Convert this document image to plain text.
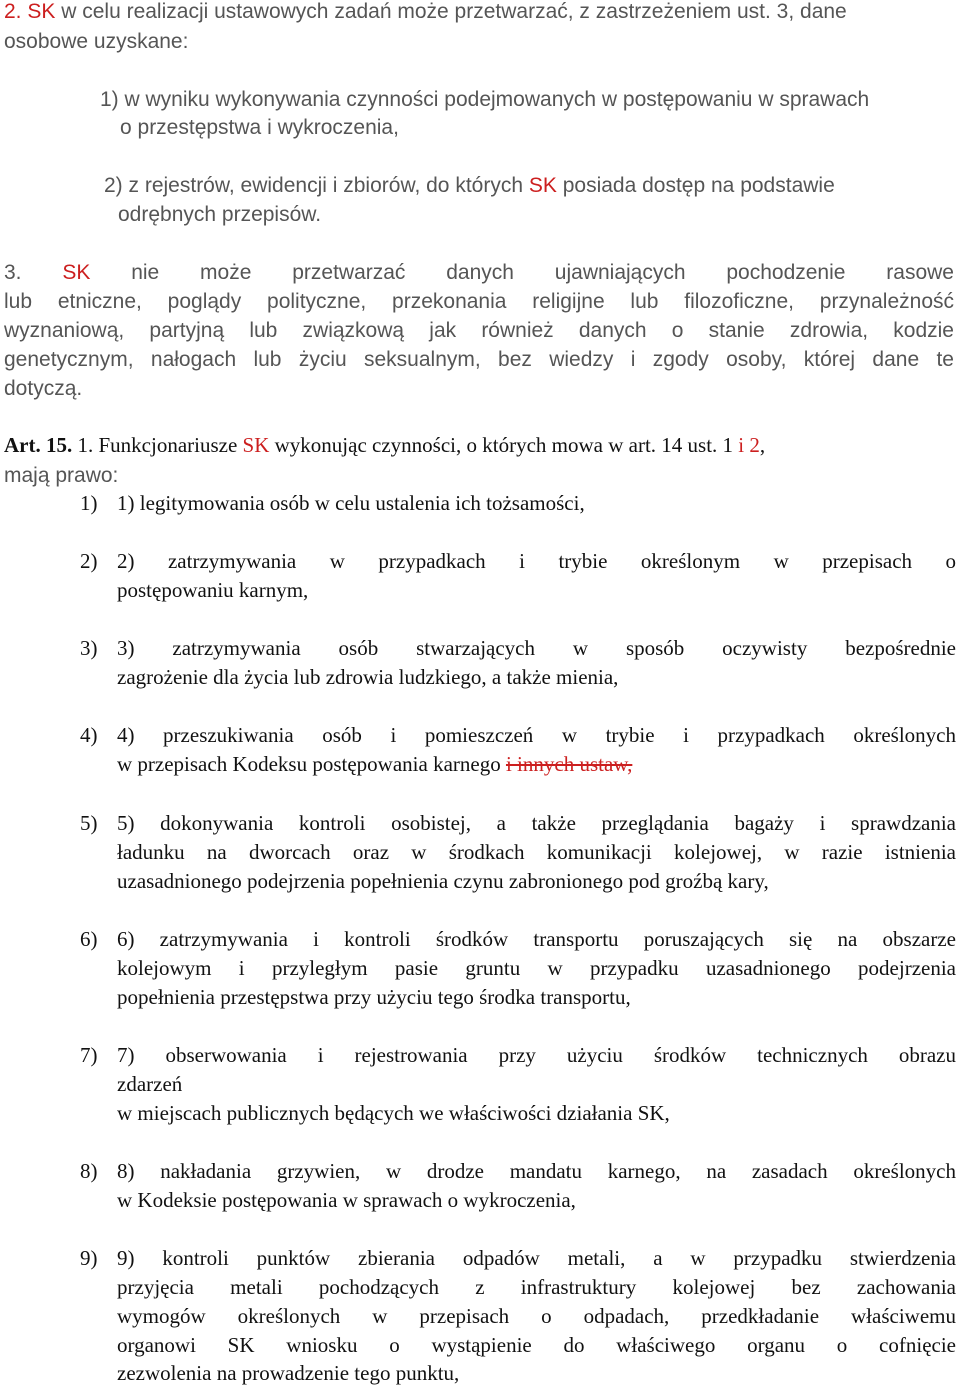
2. SK w celu realizacji ustawowych zadań może przetwarzać, z zastrzeżeniem ust. 3, dane
osobowe uzyskane:
1) w wyniku wykonywania czynności podejmowanych w postępowaniu w sprawach
o przestępstwa i wykroczenia,
2) z rejestrów, ewidencji i zbiorów, do których SK posiada dostęp na podstawie
odrębnych przepisów.
3. SK nie może przetwarzać danych ujawniających pochodzenie rasowe
lub etniczne, poglądy polityczne, przekonania religijne lub filozoficzne, przynależność
wyznaniową, partyjną lub związkową jak również danych o stanie zdrowia, kodzie
genetycznym, nałogach lub życiu seksualnym, bez wiedzy i zgody osoby, której dane te
dotyczą.
Art. 15. 1. Funkcjonariusze SK wykonując czynności, o których mowa w art. 14 ust. 1 i 2,
mają prawo:
1) 1) legitymowania osób w celu ustalenia ich tożsamości,
2) 2) zatrzymywania w przypadkach i trybie określonym w przepisach o
postępowaniu karnym,
3) 3) zatrzymywania osób stwarzających w sposób oczywisty bezpośrednie
zagrożenie dla życia lub zdrowia ludzkiego, a także mienia,
4) 4) przeszukiwania osób i pomieszczeń w trybie i przypadkach określonych
w przepisach Kodeksu postępowania karnego i innych ustaw,
5) 5) dokonywania kontroli osobistej, a także przeglądania bagaży i sprawdzania
ładunku na dworcach oraz w środkach komunikacji kolejowej, w razie istnienia
uzasadnionego podejrzenia popełnienia czynu zabronionego pod groźbą kary,
6) 6) zatrzymywania i kontroli środków transportu poruszających się na obszarze
kolejowym i przyległym pasie gruntu w przypadku uzasadnionego podejrzenia
popełnienia przestępstwa przy użyciu tego środka transportu,
7) 7) obserwowania i rejestrowania przy użyciu środków technicznych obrazu
zdarzeń
w miejscach publicznych będących we właściwości działania SK,
8) 8) nakładania grzywien, w drodze mandatu karnego, na zasadach określonych
w Kodeksie postępowania w sprawach o wykroczenia,
9) 9) kontroli punktów zbierania odpadów metali, a w przypadku stwierdzenia
przyjęcia metali pochodzących z infrastruktury kolejowej bez zachowania
wymogów określonych w przepisach o odpadach, przedkładanie właściwemu
organowi SK wniosku o wystąpienie do właściwego organu o cofnięcie
zezwolenia na prowadzenie tego punktu,
